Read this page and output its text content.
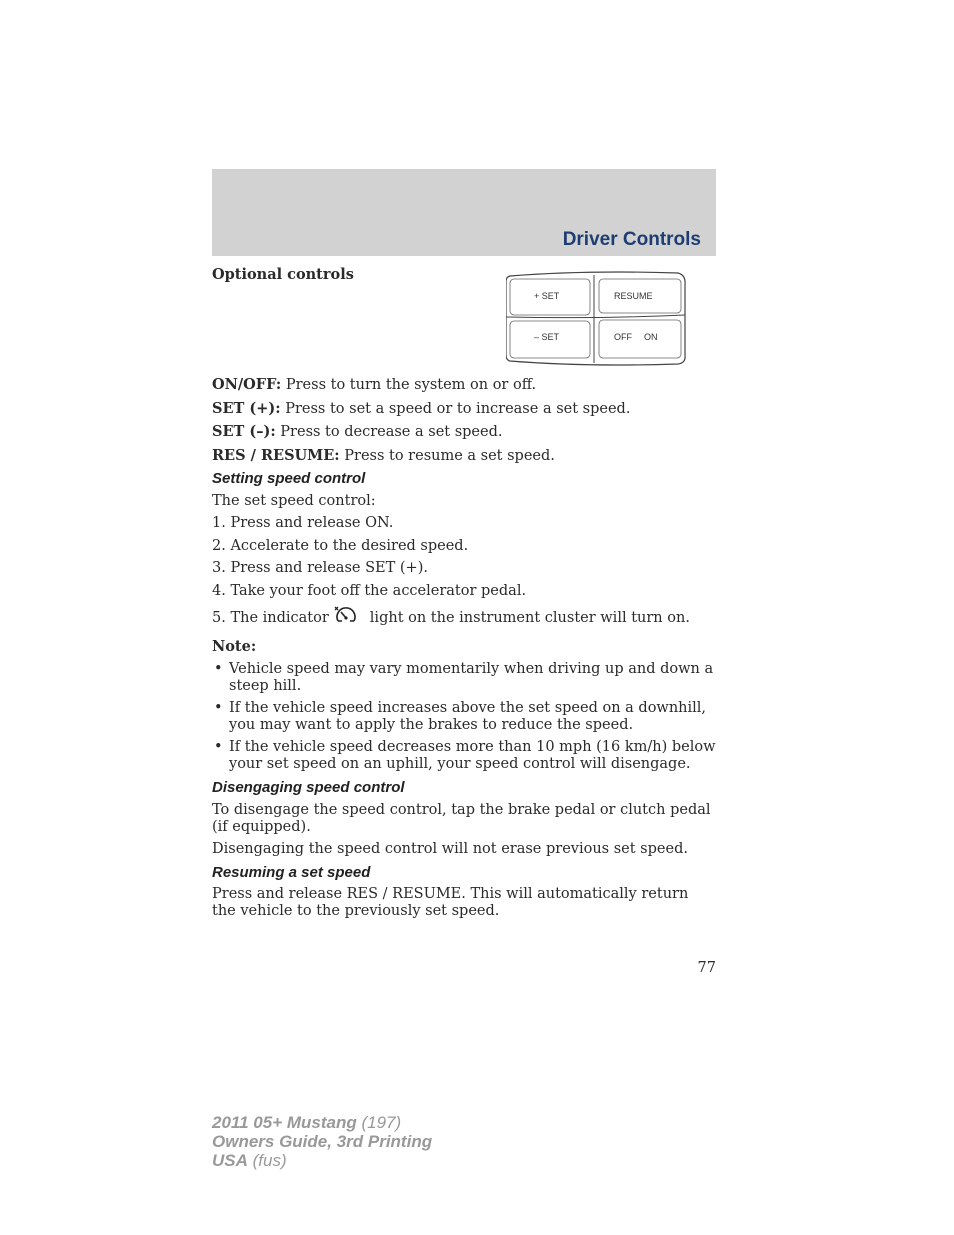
Driver Controls

Optional controls

+ SET	RESUME
– SET	OFF ON

ON/OFF: Press to turn the system on or off.

SET (+): Press to set a speed or to increase a set speed.

SET (–): Press to decrease a set speed.

RES / RESUME: Press to resume a set speed.

Setting speed control

The set speed control:

1. Press and release ON.

2. Accelerate to the desired speed.

3. Press and release SET (+).

4. Take your foot off the accelerator pedal.

5. The indicator	light on the instrument cluster will turn on.

Note:

• Vehicle speed may vary momentarily when driving up and down a steep hill.
• If the vehicle speed increases above the set speed on a downhill, you may want to apply the brakes to reduce the speed.
• If the vehicle speed decreases more than 10 mph (16 km/h) below your set speed on an uphill, your speed control will disengage.

Disengaging speed control

To disengage the speed control, tap the brake pedal or clutch pedal (if equipped).

Disengaging the speed control will not erase previous set speed.

Resuming a set speed

Press and release RES / RESUME. This will automatically return the vehicle to the previously set speed.

77
2011 05+ Mustang (197)
Owners Guide, 3rd Printing
USA (fus)
